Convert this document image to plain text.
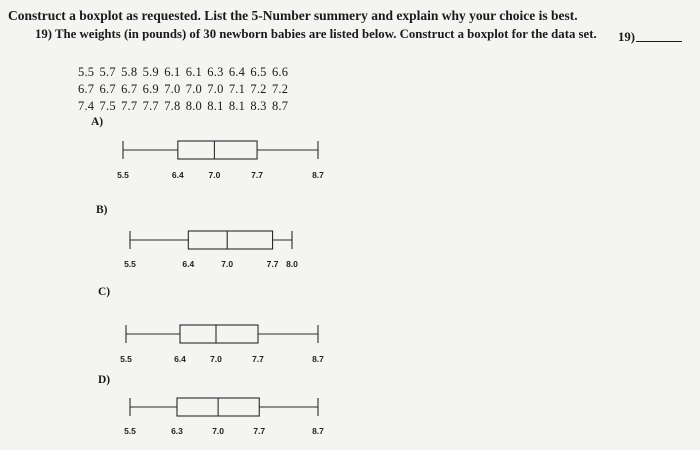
Construct a boxplot as requested. List the 5-Number summery and explain why your choice is best.
19) The weights (in pounds) of 30 newborn babies are listed below. Construct a boxplot for the data set. 19)
5.5 5.7 5.8 5.9 6.1 6.1 6.3 6.4 6.5 6.6
6.7 6.7 6.7 6.9 7.0 7.0 7.0 7.1 7.2 7.2
7.4 7.5 7.7 7.7 7.8 8.0 8.1 8.1 8.3 8.7
A)
B)
C)
D)
5.5	6.4	7.0	7.7	8.7
5.5	6.4	7.0	7.7 8.0
5.5	6.4	7.0	7.7	8.7
5.5	6.3	7.0	7.7	8.7
